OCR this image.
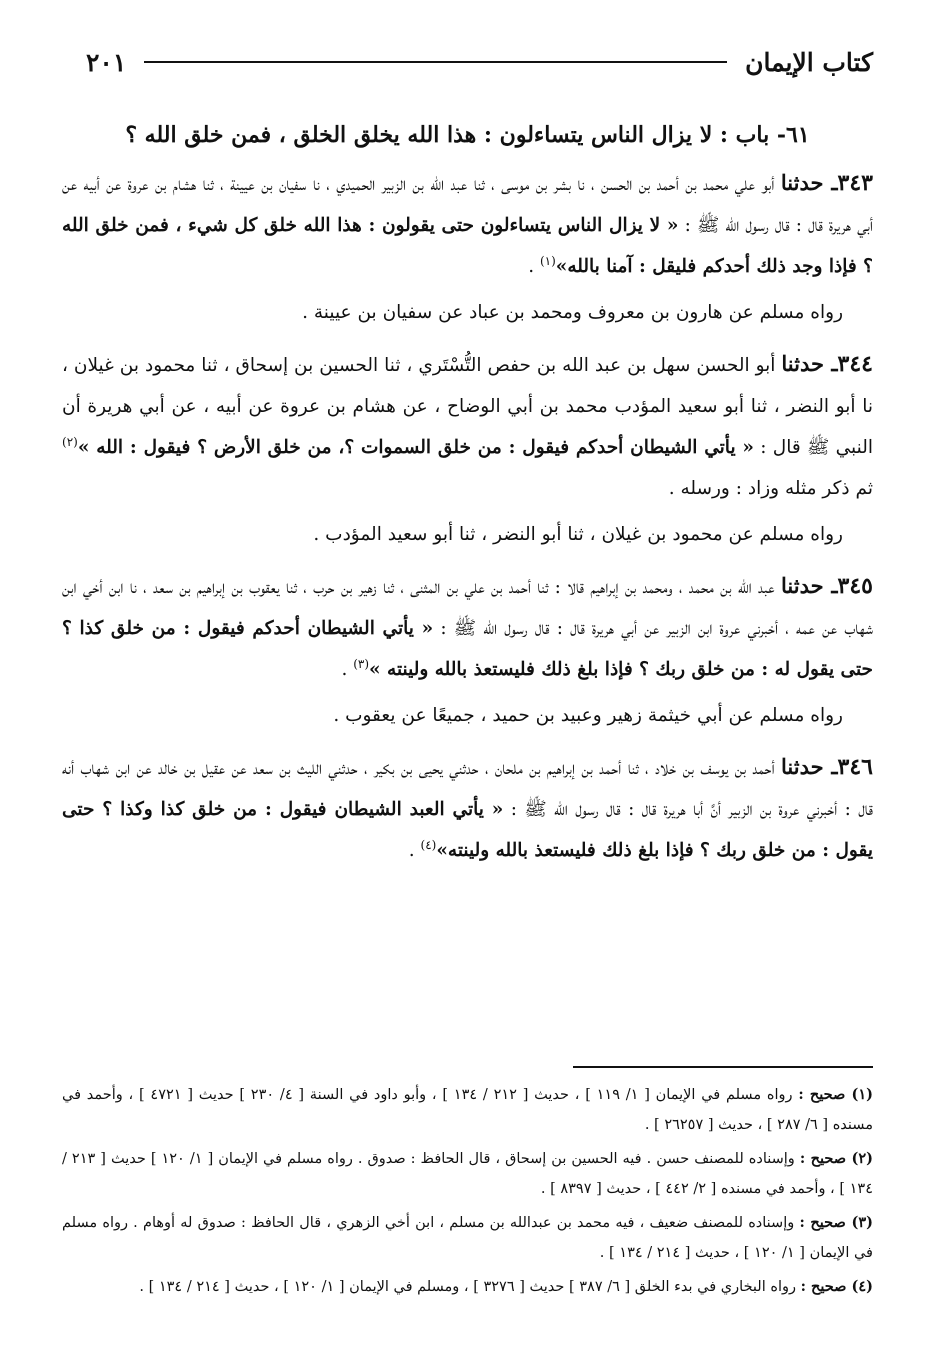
كتاب الإيمان
٢٠١
٦١- باب : لا يزال الناس يتساءلون : هذا الله يخلق الخلق ، فمن خلق الله ؟

٣٤٣ـ حدثنا أبو علي محمد بن أحمد بن الحسن ، نا بشر بن موسى ، ثنا عبد الله بن الزبير الحميدي ، نا سفيان بن عيينة ، ثنا هشام بن عروة عن أبيه عن أبي هريرة قال : قال رسول الله ﷺ : « لا يزال الناس يتساءلون حتى يقولون : هذا الله خلق كل شيء ، فمن خلق الله ؟ فإذا وجد ذلك أحدكم فليقل : آمنا بالله»$^{(١)}$ .

رواه مسلم عن هارون بن معروف ومحمد بن عباد عن سفيان بن عيينة .

٣٤٤ـ حدثنا أبو الحسن سهل بن عبد الله بن حفص التُّسْتَري ، ثنا الحسين بن إسحاق ، ثنا محمود بن غيلان ، نا أبو النضر ، ثنا أبو سعيد المؤدب محمد بن أبي الوضاح ، عن هشام بن عروة عن أبيه ، عن أبي هريرة أن النبي ﷺ قال : « يأتي الشيطان أحدكم فيقول : من خلق السموات ؟، من خلق الأرض ؟ فيقول : الله »$^{(٢)}$ ثم ذكر مثله وزاد : ورسله .

رواه مسلم عن محمود بن غيلان ، ثنا أبو النضر ، ثنا أبو سعيد المؤدب .

٣٤٥ـ حدثنا عبد الله بن محمد ، ومحمد بن إبراهيم قالا : ثنا أحمد بن علي بن المثنى ، ثنا زهير بن حرب ، ثنا يعقوب بن إبراهيم بن سعد ، نا ابن أخي ابن شهاب عن عمه ، أخبرني عروة ابن الزبير عن أبي هريرة قال : قال رسول الله ﷺ : « يأتي الشيطان أحدكم فيقول : من خلق كذا ؟ حتى يقول له : من خلق ربك ؟ فإذا بلغ ذلك فليستعذ بالله ولينته »$^{(٣)}$ .

رواه مسلم عن أبي خيثمة زهير وعبيد بن حميد ، جميعًا عن يعقوب .

٣٤٦ـ حدثنا أحمد بن يوسف بن خلاد ، ثنا أحمد بن إبراهيم بن ملحان ، حدثني يحيى بن بكير ، حدثني الليث بن سعد عن عقيل بن خالد عن ابن شهاب أنه قال : أخبرني عروة بن الزبير أنَّ أبا هريرة قال : قال رسول الله ﷺ : « يأتي العبد الشيطان فيقول : من خلق كذا وكذا ؟ حتى يقول : من خلق ربك ؟ فإذا بلغ ذلك فليستعذ بالله ولينته»$^{(٤)}$ .

(١) صحيح : رواه مسلم في الإيمان [ ١/ ١١٩ ] ، حديث [ ٢١٢ / ١٣٤ ] ، وأبو داود في السنة [ ٤/ ٢٣٠ ] حديث [ ٤٧٢١ ] ، وأحمد في مسنده [ ٦/ ٢٨٧ ] ، حديث [ ٢٦٢٥٧ ] .

(٢) صحيح : وإسناده للمصنف حسن . فيه الحسين بن إسحاق ، قال الحافظ : صدوق . رواه مسلم في الإيمان [ ١/ ١٢٠ ] حديث [ ٢١٣ / ١٣٤ ] ، وأحمد في مسنده [ ٢/ ٤٤٢ ] ، حديث [ ٨٣٩٧ ] .

(٣) صحيح : وإسناده للمصنف ضعيف ، فيه محمد بن عبدالله بن مسلم ، ابن أخي الزهري ، قال الحافظ : صدوق له أوهام . رواه مسلم في الإيمان [ ١/ ١٢٠ ] ، حديث [ ٢١٤ / ١٣٤ ] .

(٤) صحيح : رواه البخاري في بدء الخلق [ ٦/ ٣٨٧ ] حديث [ ٣٢٧٦ ] ، ومسلم في الإيمان [ ١/ ١٢٠ ] ، حديث [ ٢١٤ / ١٣٤ ] .
